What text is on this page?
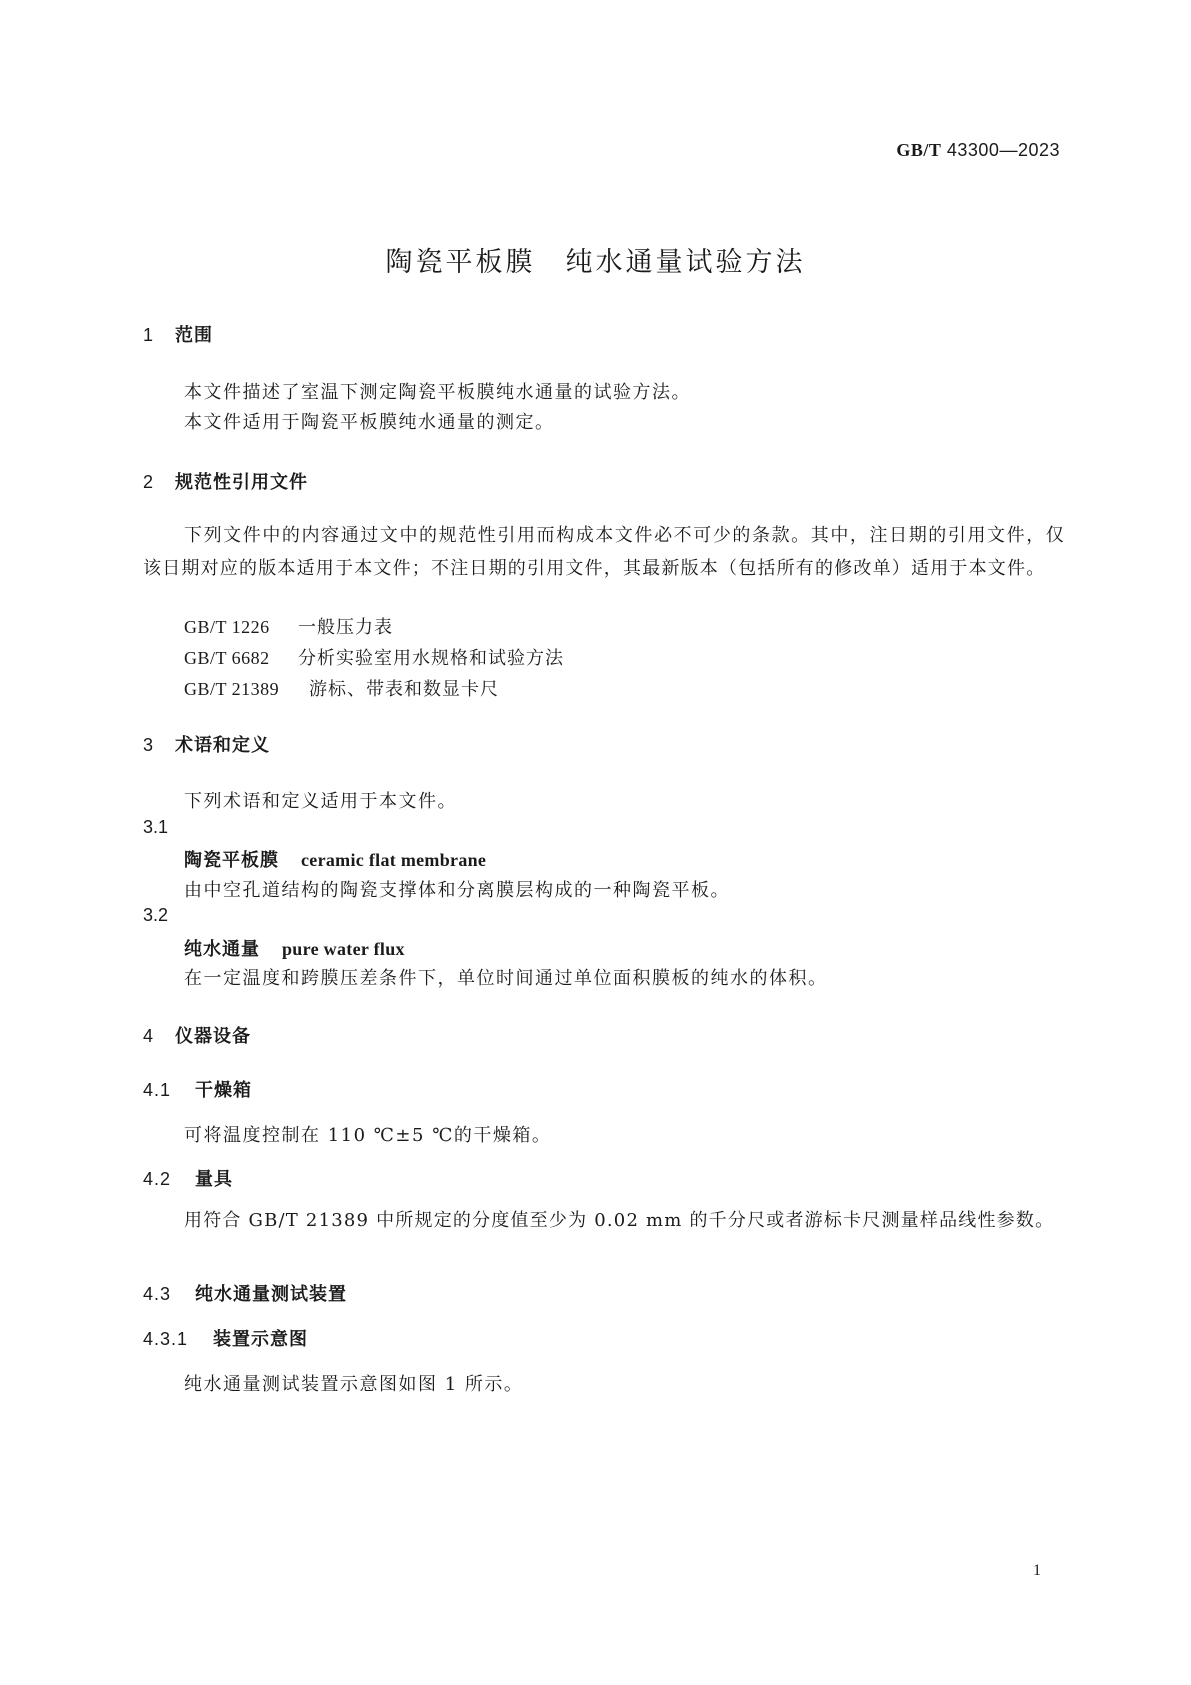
GB/T 43300—2023
陶瓷平板膜　纯水通量试验方法
1 范围
本文件描述了室温下测定陶瓷平板膜纯水通量的试验方法。
本文件适用于陶瓷平板膜纯水通量的测定。
2 规范性引用文件
下列文件中的内容通过文中的规范性引用而构成本文件必不可少的条款。其中，注日期的引用文件，仅该日期对应的版本适用于本文件；不注日期的引用文件，其最新版本（包括所有的修改单）适用于本文件。
GB/T 1226 一般压力表
GB/T 6682 分析实验室用水规格和试验方法
GB/T 21389 游标、带表和数显卡尺
3 术语和定义
下列术语和定义适用于本文件。
3.1
陶瓷平板膜 ceramic flat membrane
由中空孔道结构的陶瓷支撑体和分离膜层构成的一种陶瓷平板。
3.2
纯水通量 pure water flux
在一定温度和跨膜压差条件下，单位时间通过单位面积膜板的纯水的体积。
4 仪器设备
4.1 干燥箱
可将温度控制在 110 ℃±5 ℃的干燥箱。
4.2 量具
用符合 GB/T 21389 中所规定的分度值至少为 0.02 mm 的千分尺或者游标卡尺测量样品线性参数。
4.3 纯水通量测试装置
4.3.1 装置示意图
纯水通量测试装置示意图如图 1 所示。
1
